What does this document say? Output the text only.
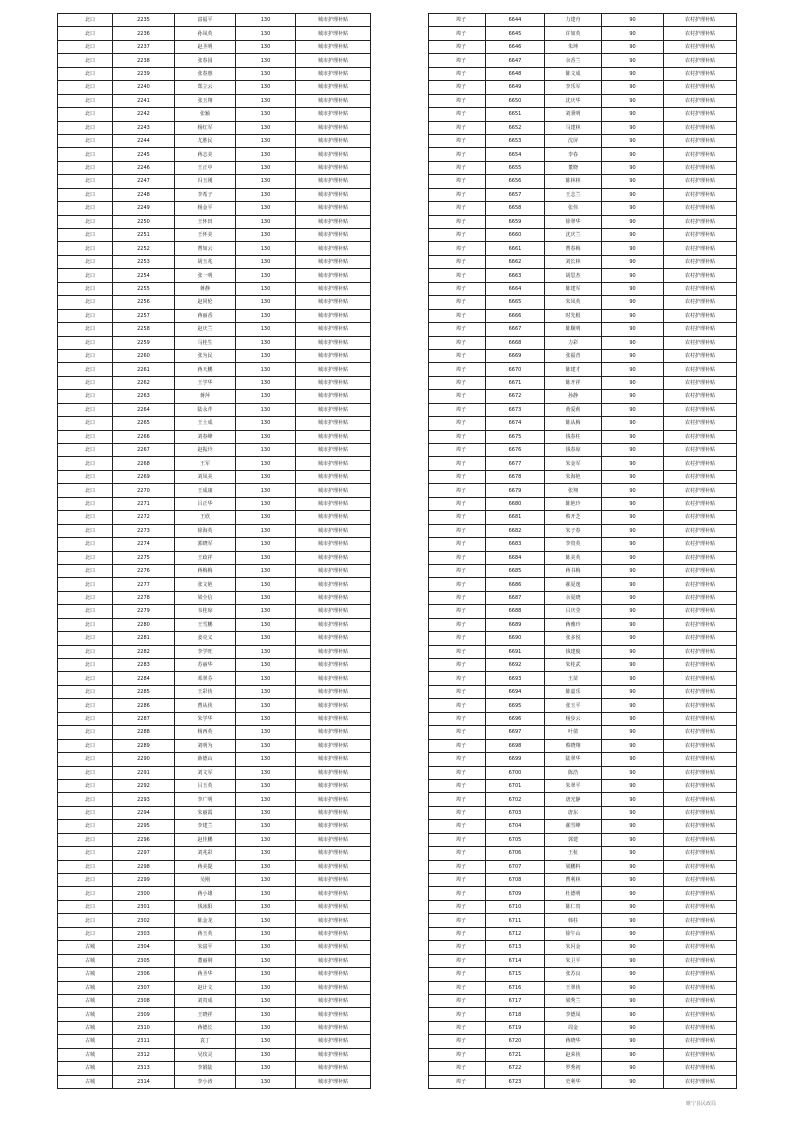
北口	2235	富福平	130	城市护理补贴
北口	2236	孙凤英	130	城市护理补贴
北口	2237	赵圣明	130	城市护理补贴
北口	2238	张春园	130	城市护理补贴
北口	2239	张春惠	130	城市护理补贴
北口	2240	郑立云	130	城市护理补贴
北口	2241	张玉翔	130	城市护理补贴
北口	2242	张颖	130	城市护理补贴
北口	2243	杨红军	130	城市护理补贴
北口	2244	尤胜民	130	城市护理补贴
北口	2245	蒋志美	130	城市护理补贴
北口	2246	王正中	130	城市护理补贴
北口	2247	冯玉刚	130	城市护理补贴
北口	2248	李希子	130	城市护理补贴
北口	2249	杨金平	130	城市护理补贴
北口	2250	王怀田	130	城市护理补贴
北口	2251	王怀美	130	城市护理补贴
北口	2252	曹如云	130	城市护理补贴
北口	2253	胡玉兆	130	城市护理补贴
北口	2254	张一明	130	城市护理补贴
北口	2255	蒋静	130	城市护理补贴
北口	2256	赵同伦	130	城市护理补贴
北口	2257	蒋丽香	130	城市护理补贴
北口	2258	赵庆兰	130	城市护理补贴
北口	2259	马桂生	130	城市护理补贴
北口	2260	张为民	130	城市护理补贴
北口	2261	蒋天鹏	130	城市护理补贴
北口	2262	王学华	130	城市护理补贴
北口	2263	蒋萍	130	城市护理补贴
北口	2264	陆永芹	130	城市护理补贴
北口	2265	王士成	130	城市护理补贴
北口	2266	刘春峰	130	城市护理补贴
北口	2267	赵振玲	130	城市护理补贴
北口	2268	王军	130	城市护理补贴
北口	2269	刘凤美	130	城市护理补贴
北口	2270	王成康	130	城市护理补贴
北口	2271	吕正华	130	城市护理补贴
北口	2272	王欣	130	城市护理补贴
北口	2273	徐海英	130	城市护理补贴
北口	2274	郭晓军	130	城市护理补贴
北口	2275	王政祥	130	城市护理补贴
北口	2276	蒋梅梅	130	城市护理补贴
北口	2277	张文艳	130	城市护理补贴
北口	2278	梁全信	130	城市护理补贴
北口	2279	韦桂琼	130	城市护理补贴
北口	2280	王雪鹏	130	城市护理补贴
北口	2281	姜克义	130	城市护理补贴
北口	2282	李学旺	130	城市护理补贴
北口	2283	苏丽华	130	城市护理补贴
北口	2284	邓翠芬	130	城市护理补贴
北口	2285	王彩侠	130	城市护理补贴
北口	2286	曹从侠	130	城市护理补贴
北口	2287	朱学华	130	城市护理补贴
北口	2288	杨西英	130	城市护理补贴
北口	2289	刘明为	130	城市护理补贴
北口	2290	薛德山	130	城市护理补贴
北口	2291	刘文军	130	城市护理补贴
北口	2292	吕玉英	130	城市护理补贴
北口	2293	李广明	130	城市护理补贴
北口	2294	朱丽霞	130	城市护理补贴
北口	2295	李建兰	130	城市护理补贴
北口	2296	赵佳鹏	130	城市护理补贴
北口	2297	刘兆彩	130	城市护理补贴
北口	2298	蒋美提	130	城市护理补贴
北口	2299	吴刚	130	城市护理补贴
北口	2300	蒋小雄	130	城市护理补贴
北口	2301	钱冰阳	130	城市护理补贴
北口	2302	陈金龙	130	城市护理补贴
北口	2303	蒋玉英	130	城市护理补贴
古城	2304	朱富平	130	城市护理补贴
古城	2305	董丽荆	130	城市护理补贴
古城	2306	蒋圣华	130	城市护理补贴
古城	2307	赵计文	130	城市护理补贴
古城	2308	刘贵成	130	城市护理补贴
古城	2309	王晓祥	130	城市护理补贴
古城	2310	蒋德长	130	城市护理补贴
古城	2311	袁丁	130	城市护理补贴
古城	2312	吴玫灵	130	城市护理补贴
古城	2313	李娟陆	130	城市护理补贴
古城	2314	李小涛	130	城市护理补贴
埠子	6644	力建舟	90	农村护理补贴
埠子	6645	许如英	90	农村护理补贴
埠子	6646	朱坤	90	农村护理补贴
埠子	6647	余香兰	90	农村护理补贴
埠子	6648	陈文成	90	农村护理补贴
埠子	6649	李乐军	90	农村护理补贴
埠子	6650	沈庆华	90	农村护理补贴
埠子	6651	刘秉明	90	农村护理补贴
埠子	6652	马建林	90	农村护理补贴
埠子	6653	沈屏	90	农村护理补贴
埠子	6654	李春	90	农村护理补贴
埠子	6655	董晓	90	农村护理补贴
埠子	6656	陈林林	90	农村护理补贴
埠子	6657	王志兰	90	农村护理补贴
埠子	6658	张伟	90	农村护理补贴
埠子	6659	徐翠华	90	农村护理补贴
埠子	6660	沈庆兰	90	农村护理补贴
埠子	6661	曹春梅	90	农村护理补贴
埠子	6662	刘长林	90	农村护理补贴
埠子	6663	胡思杰	90	农村护理补贴
埠子	6664	陈建军	90	农村护理补贴
埠子	6665	朱凤英	90	农村护理补贴
埠子	6666	时先根	90	农村护理补贴
埠子	6667	陈顺明	90	农村护理补贴
埠子	6668	力彩	90	农村护理补贴
埠子	6669	张福青	90	农村护理补贴
埠子	6670	陈建才	90	农村护理补贴
埠子	6671	陈开祥	90	农村护理补贴
埠子	6672	孙静	90	农村护理补贴
埠子	6673	黄爱莉	90	农村护理补贴
埠子	6674	陈从梅	90	农村护理补贴
埠子	6675	钱春柱	90	农村护理补贴
埠子	6676	钱春琼	90	农村护理补贴
埠子	6677	朱金军	90	农村护理补贴
埠子	6678	朱海艳	90	农村护理补贴
埠子	6679	张翔	90	农村护理补贴
埠子	6680	陈艳玲	90	农村护理补贴
埠子	6681	蔡开芝	90	农村护理补贴
埠子	6682	朱子春	90	农村护理补贴
埠子	6683	李贵英	90	农村护理补贴
埠子	6684	陈美英	90	农村护理补贴
埠子	6685	蒋书梅	90	农村护理补贴
埠子	6686	郝夏逸	90	农村护理补贴
埠子	6687	余夏晓	90	农村护理补贴
埠子	6688	吕庆莹	90	农村护理补贴
埠子	6689	蒋雅玲	90	农村护理补贴
埠子	6690	张多悦	90	农村护理补贴
埠子	6691	钱建俊	90	农村护理补贴
埠子	6692	朱桂武	90	农村护理补贴
埠子	6693	王苗	90	农村护理补贴
埠子	6694	陈嘉乐	90	农村护理补贴
埠子	6695	张玉平	90	农村护理补贴
埠子	6696	杨步云	90	农村护理补贴
埠子	6697	叶倩	90	农村护理补贴
埠子	6698	蔡晓翔	90	农村护理补贴
埠子	6699	陆翠华	90	农村护理补贴
埠子	6700	陈浩	90	农村护理补贴
埠子	6701	朱翠平	90	农村护理补贴
埠子	6702	唐光静	90	农村护理补贴
埠子	6703	唐东	90	农村护理补贴
埠子	6704	郝雪峰	90	农村护理补贴
埠子	6705	郭建	90	农村护理补贴
埠子	6706	王杭	90	农村护理补贴
埠子	6707	梁鹏料	90	农村护理补贴
埠子	6708	曹利林	90	农村护理补贴
埠子	6709	杜德明	90	农村护理补贴
埠子	6710	陈仁贵	90	农村护理补贴
埠子	6711	韩柱	90	农村护理补贴
埠子	6712	徐午山	90	农村护理补贴
埠子	6713	朱闪金	90	农村护理补贴
埠子	6714	朱卫平	90	农村护理补贴
埠子	6715	张苏良	90	农村护理补贴
埠子	6716	王翠侠	90	农村护理补贴
埠子	6717	梁秀兰	90	农村护理补贴
埠子	6718	李德凤	90	农村护理补贴
埠子	6719	周金	90	农村护理补贴
埠子	6720	蒋晓华	90	农村护理补贴
埠子	6721	赵荣侠	90	农村护理补贴
埠子	6722	罗秀初	90	农村护理补贴
埠子	6723	史利华	90	农村护理补贴
睢宁县民政局
